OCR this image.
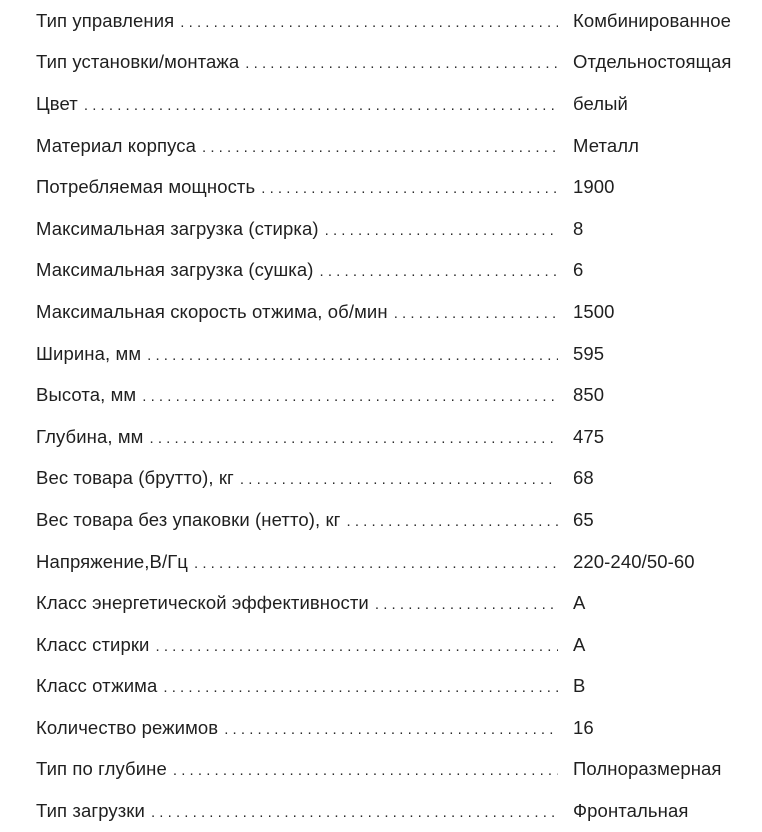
Тип управления . . .	Комбинированное
Тип установки/монтажа . . .	Отдельностоящая
Цвет . . .	белый
Материал корпуса . . .	Металл
Потребляемая мощность . . .	1900
Максимальная загрузка (стирка) . . .	8
Максимальная загрузка (сушка) . . .	6
Максимальная скорость отжима, об/мин . . .	1500
Ширина, мм . . .	595
Высота, мм . . .	850
Глубина, мм . . .	475
Вес товара (брутто), кг . . .	68
Вес товара без упаковки (нетто), кг . . .	65
Напряжение,В/Гц . . .	220-240/50-60
Класс энергетической эффективности . . .	A
Класс стирки . . .	A
Класс отжима . . .	B
Количество режимов . . .	16
Тип по глубине . . .	Полноразмерная
Тип загрузки . . .	Фронтальная
